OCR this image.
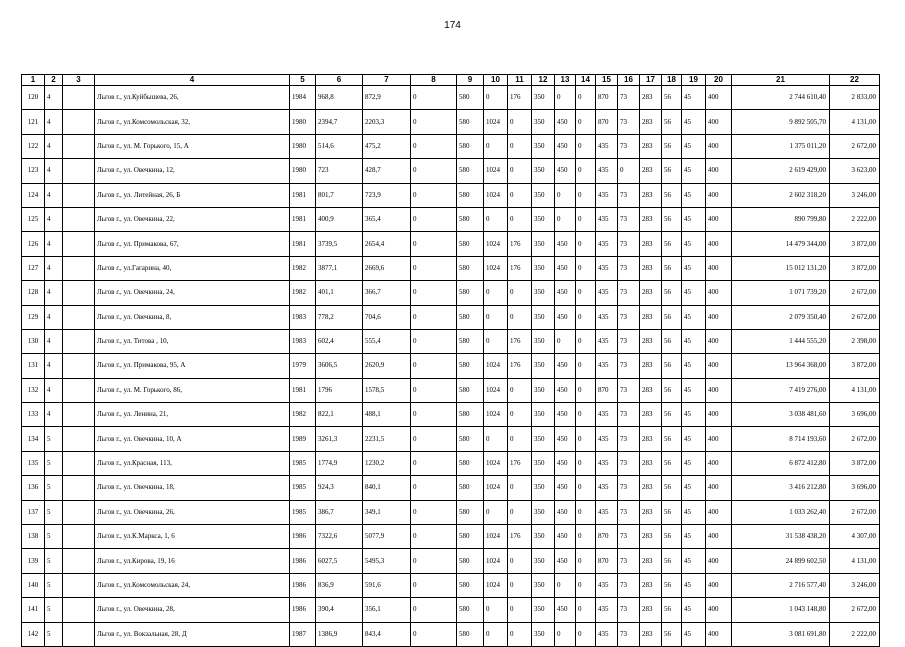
174
1	2	3	4	5	6	7	8	9	10	11	12	13	14	15	16	17	18	19	20	21	22
120	4		Льгов г., ул.Куйбышева, 26,	1984	968,8	872,9	0	580	0	176	350	0	0	870	73	283	56	45	400	2 744 610,40	2 833,00
121	4		Льгов г., ул.Комсомольская, 32,	1980	2394,7	2203,3	0	580	1024	0	350	450	0	870	73	283	56	45	400	9 892 505,70	4 131,00
122	4		Льгов г., ул. М. Горького, 15, А	1980	514,6	475,2	0	580	0	0	350	450	0	435	73	283	56	45	400	1 375 011,20	2 672,00
123	4		Льгов г., ул. Овечкина, 12,	1980	723	428,7	0	580	1024	0	350	450	0	435	0	283	56	45	400	2 619 429,00	3 623,00
124	4		Льгов г., ул. Литейная, 26, Б	1981	801,7	723,9	0	580	1024	0	350	0	0	435	73	283	56	45	400	2 602 318,20	3 246,00
125	4		Льгов г., ул. Овечкина, 22,	1981	400,9	365,4	0	580	0	0	350	0	0	435	73	283	56	45	400	890 799,80	2 222,00
126	4		Льгов г., ул. Примакова, 67,	1981	3739,5	2654,4	0	580	1024	176	350	450	0	435	73	283	56	45	400	14 479 344,00	3 872,00
127	4		Льгов г., ул.Гагарина, 40,	1982	3877,1	2669,6	0	580	1024	176	350	450	0	435	73	283	56	45	400	15 012 131,20	3 872,00
128	4		Льгов г., ул. Овечкина, 24,	1982	401,1	366,7	0	580	0	0	350	450	0	435	73	283	56	45	400	1 071 739,20	2 672,00
129	4		Льгов г., ул. Овечкина, 8,	1983	778,2	704,6	0	580	0	0	350	450	0	435	73	283	56	45	400	2 079 350,40	2 672,00
130	4		Льгов г., ул. Титова , 10,	1983	602,4	555,4	0	580	0	176	350	0	0	435	73	283	56	45	400	1 444 555,20	2 398,00
131	4		Льгов г., ул. Примакова, 95, А	1979	3606,5	2620,9	0	580	1024	176	350	450	0	435	73	283	56	45	400	13 964 368,00	3 872,00
132	4		Льгов г., ул. М. Горького, 86,	1981	1796	1578,5	0	580	1024	0	350	450	0	870	73	283	56	45	400	7 419 276,00	4 131,00
133	4		Льгов г., ул. Ленина, 21,	1982	822,1	488,1	0	580	1024	0	350	450	0	435	73	283	56	45	400	3 038 481,60	3 696,00
134	5		Льгов г., ул. Овечкина, 10, А	1989	3261,3	2231,5	0	580	0	0	350	450	0	435	73	283	56	45	400	8 714 193,60	2 672,00
135	5		Льгов г., ул.Красная, 113,	1985	1774,9	1230,2	0	580	1024	176	350	450	0	435	73	283	56	45	400	6 872 412,80	3 872,00
136	5		Льгов г., ул. Овечкина, 18,	1985	924,3	840,1	0	580	1024	0	350	450	0	435	73	283	56	45	400	3 416 212,80	3 696,00
137	5		Льгов г., ул. Овечкина, 26,	1985	386,7	349,1	0	580	0	0	350	450	0	435	73	283	56	45	400	1 033 262,40	2 672,00
138	5		Льгов г., ул.К.Маркса, 1, 6	1986	7322,6	5077,9	0	580	1024	176	350	450	0	870	73	283	56	45	400	31 538 438,20	4 307,00
139	5		Льгов г., ул.Кирова, 19, 16	1986	6027,5	5495,3	0	580	1024	0	350	450	0	870	73	283	56	45	400	24 899 602,50	4 131,00
140	5		Льгов г., ул.Комсомольская, 24,	1986	836,9	591,6	0	580	1024	0	350	0	0	435	73	283	56	45	400	2 716 577,40	3 246,00
141	5		Льгов г., ул. Овечкина, 28,	1986	390,4	356,1	0	580	0	0	350	450	0	435	73	283	56	45	400	1 043 148,80	2 672,00
142	5		Льгов г., ул. Вокзальная, 28, Д	1987	1386,9	843,4	0	580	0	0	350	0	0	435	73	283	56	45	400	3 081 691,80	2 222,00
